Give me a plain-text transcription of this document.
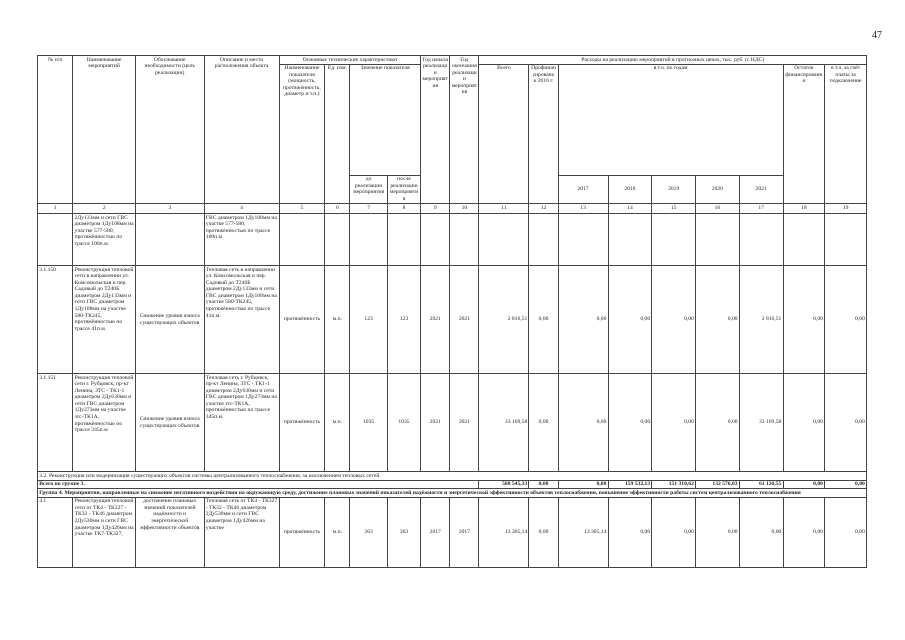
47
№ п/п	Наименование мероприятий	Обоснование необходимости (цель реализации)	Описание и место расположения объекта	Основные технические характеристики				Год начала реализации мероприятия	Год окончания реализации мероприятия	Расходы на реализацию мероприятий в прогнозных ценах, тыс. руб. (с НДС)								
				Наименование показателя (мощность, протяжённость, диаметр и т.п.)	Ед. изм.	Значение показателя				Всего	Профинансировано к 2016 г.	в т.ч. по годам					Остаток финансирования	в т.ч. за счёт платы за подключение
						до реализации мероприятия	после реализации мероприятия					2017	2018	2019	2020	2021		
1	2	3	4	5	6	7	8	9	10	11	12	13	14	15	16	17	18	19
	2Ду133мм и сети ГВС диаметром 1Ду108мм на участке 577-580, протяжённостью по трассе 100п.м.		ГВС диаметром 1Ду108мм на участке 577-580, протяжённостью по трассе 100п.м															
3.1.150	Реконструкция тепловой сети в направлении ул. Комсомольская и пер. Садовый до Т240Б диаметром 2Ду133мм и сети ГВС диаметром 1Ду108мм на участке 580-ТК245, протяжённостью по трассе 41п.м.	Снижение уровня износа существующих объектов	Тепловая сеть в направлении ул. Комсомольская и пер. Садовый до Т240Б диаметром 2Ду133мм и сети ГВС диаметром 1Ду108мм на участке 580-ТК245, протяжённостью по трассе 41п.м.	протяжённость	м.п.	123	123	2021	2021	2 816,51	0,00	0,00	0,00	0,00	0,00	2 816,51	0,00	0,00
3.1.151	Реконструкция тепловой сети г. Рубцовск, пр-кт Ленина, ЗТС - ТК1-1 диаметром 2Ду630мм и сети ГВС диаметром 1Ду273мм на участке зтс-ТК1А, протяжённостью по трассе 345п.м	Снижение уровня износа существующих объектов	Тепловая сеть г. Рубцовск, пр-кт Ленина, ЗТС - ТК1-1 диаметром 2Ду630мм и сети ГВС диаметром 1Ду273мм на участке зтс-ТК1А, протяжённостью по трассе 345п.м.	протяжённость	м.п.	1035	1035	2021	2021	33 169,58	0,00	0,00	0,00	0,00	0,00	33 169,58	0,00	0,00
3.2. Реконструкция или модернизация существующих объектов системы централизованного теплоснабжения, за исключением тепловых сетей																		
Всего по группе 3.										508 545,33	0,00	0,00	159 532,13	151 310,62	132 576,03	61 126,55	0,00	0,00
Группа 4. Мероприятия, направленные на снижение негативного воздействия на окружающую среду, достижение плановых значений показателей надёжности и энергетической эффективности объектов теплоснабжения, повышение эффективности работы систем централизованного теплоснабжения																		
4.1	Реконструкция тепловой сети от ТК4 - ТК327 - ТК32 - ТК46 диаметром 2Ду530мм и сети ГВС диаметром 1Ду426мм на участке ТК7-ТК327,	достижение плановых значений показателей надёжности и энергетической эффективности объектов	Тепловая сеть от ТК4 - ТК327 - ТК32 - ТК46 диаметром 2Ду530мм и сети ГВС диаметром 1Ду426мм на участке	протяжённость	м.п.	363	363	2017	2017	13 305,14	0,00	13 305,14	0,00	0,00	0,00	0,00	0,00	0,00
